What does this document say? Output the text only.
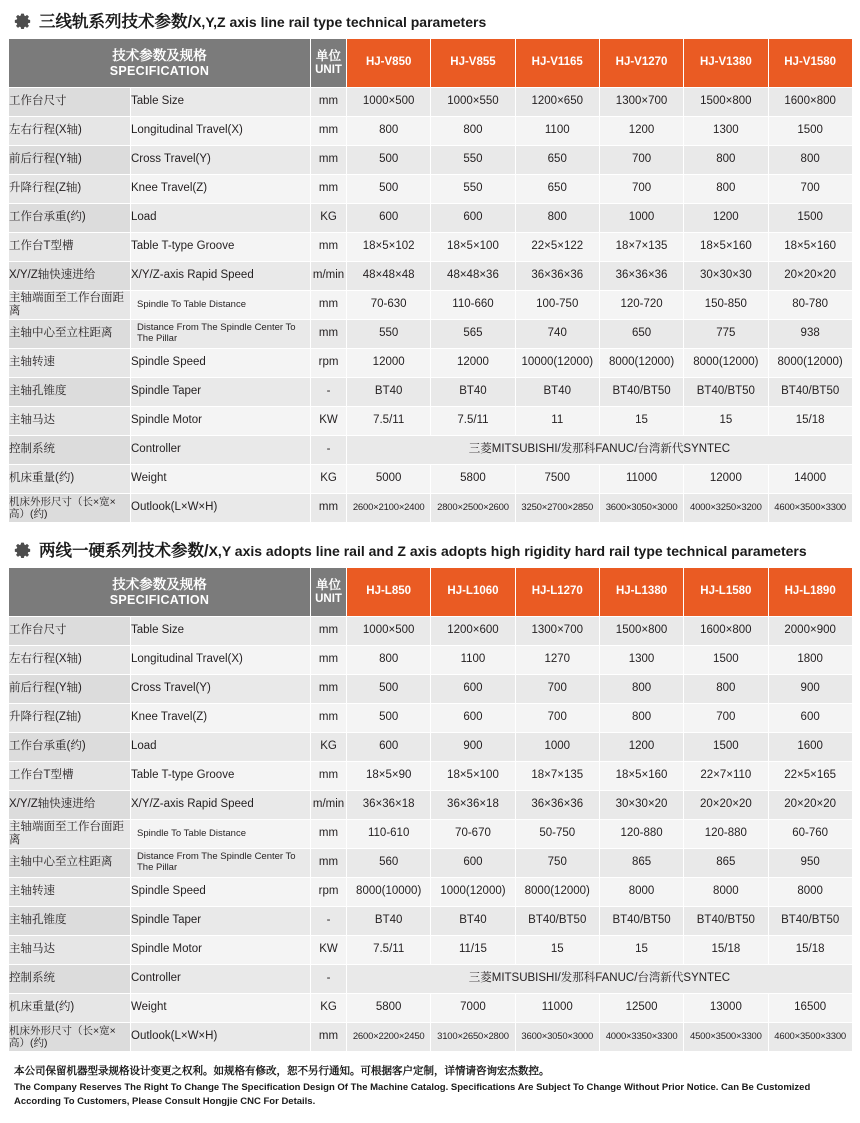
三线轨系列技术参数/X,Y,Z axis line rail type technical parameters
技术参数及规格
SPECIFICATION		单位
UNIT	HJ-V850	HJ-V855	HJ-V1165	HJ-V1270	HJ-V1380	HJ-V1580
工作台尺寸	Table Size	mm	1000×500	1000×550	1200×650	1300×700	1500×800	1600×800
左右行程(X轴)	Longitudinal Travel(X)	mm	800	800	1100	1200	1300	1500
前后行程(Y轴)	Cross Travel(Y)	mm	500	550	650	700	800	800
升降行程(Z轴)	Knee Travel(Z)	mm	500	550	650	700	800	700
工作台承重(约)	Load	KG	600	600	800	1000	1200	1500
工作台T型槽	Table T-type Groove	mm	18×5×102	18×5×100	22×5×122	18×7×135	18×5×160	18×5×160
X/Y/Z轴快速进给	X/Y/Z-axis Rapid Speed	m/min	48×48×48	48×48×36	36×36×36	36×36×36	30×30×30	20×20×20
主轴端面至工作台面距离	Spindle To Table Distance	mm	70-630	110-660	100-750	120-720	150-850	80-780
主轴中心至立柱距离	Distance From The Spindle Center To The Pillar	mm	550	565	740	650	775	938
主轴转速	Spindle Speed	rpm	12000	12000	10000(12000)	8000(12000)	8000(12000)	8000(12000)
主轴孔锥度	Spindle Taper	-	BT40	BT40	BT40	BT40/BT50	BT40/BT50	BT40/BT50
主轴马达	Spindle Motor	KW	7.5/11	7.5/11	11	15	15	15/18
控制系统	Controller	-	三菱MITSUBISHI/发那科FANUC/台湾新代SYNTEC					
机床重量(约)	Weight	KG	5000	5800	7500	11000	12000	14000
机床外形尺寸（长×宽×高）(约)	Outlook(L×W×H)	mm	2600×2100×2400	2800×2500×2600	3250×2700×2850	3600×3050×3000	4000×3250×3200	4600×3500×3300
两线一硬系列技术参数/X,Y axis adopts line rail and Z axis adopts high rigidity hard rail type technical parameters
技术参数及规格
SPECIFICATION		单位
UNIT	HJ-L850	HJ-L1060	HJ-L1270	HJ-L1380	HJ-L1580	HJ-L1890
工作台尺寸	Table Size	mm	1000×500	1200×600	1300×700	1500×800	1600×800	2000×900
左右行程(X轴)	Longitudinal Travel(X)	mm	800	1100	1270	1300	1500	1800
前后行程(Y轴)	Cross Travel(Y)	mm	500	600	700	800	800	900
升降行程(Z轴)	Knee Travel(Z)	mm	500	600	700	800	700	600
工作台承重(约)	Load	KG	600	900	1000	1200	1500	1600
工作台T型槽	Table T-type Groove	mm	18×5×90	18×5×100	18×7×135	18×5×160	22×7×110	22×5×165
X/Y/Z轴快速进给	X/Y/Z-axis Rapid Speed	m/min	36×36×18	36×36×18	36×36×36	30×30×20	20×20×20	20×20×20
主轴端面至工作台面距离	Spindle To Table Distance	mm	110-610	70-670	50-750	120-880	120-880	60-760
主轴中心至立柱距离	Distance From The Spindle Center To The Pillar	mm	560	600	750	865	865	950
主轴转速	Spindle Speed	rpm	8000(10000)	1000(12000)	8000(12000)	8000	8000	8000
主轴孔锥度	Spindle Taper	-	BT40	BT40	BT40/BT50	BT40/BT50	BT40/BT50	BT40/BT50
主轴马达	Spindle Motor	KW	7.5/11	11/15	15	15	15/18	15/18
控制系统	Controller	-	三菱MITSUBISHI/发那科FANUC/台湾新代SYNTEC					
机床重量(约)	Weight	KG	5800	7000	11000	12500	13000	16500
机床外形尺寸（长×宽×高）(约)	Outlook(L×W×H)	mm	2600×2200×2450	3100×2650×2800	3600×3050×3000	4000×3350×3300	4500×3500×3300	4600×3500×3300
本公司保留机器型录规格设计变更之权利。如规格有修改，恕不另行通知。可根据客户定制，详情请咨询宏杰数控。
The Company Reserves The Right To Change The Specification Design Of The Machine Catalog. Specifications Are Subject To Change Without Prior Notice. Can Be Customized
According To Customers, Please Consult Hongjie CNC For Details.
